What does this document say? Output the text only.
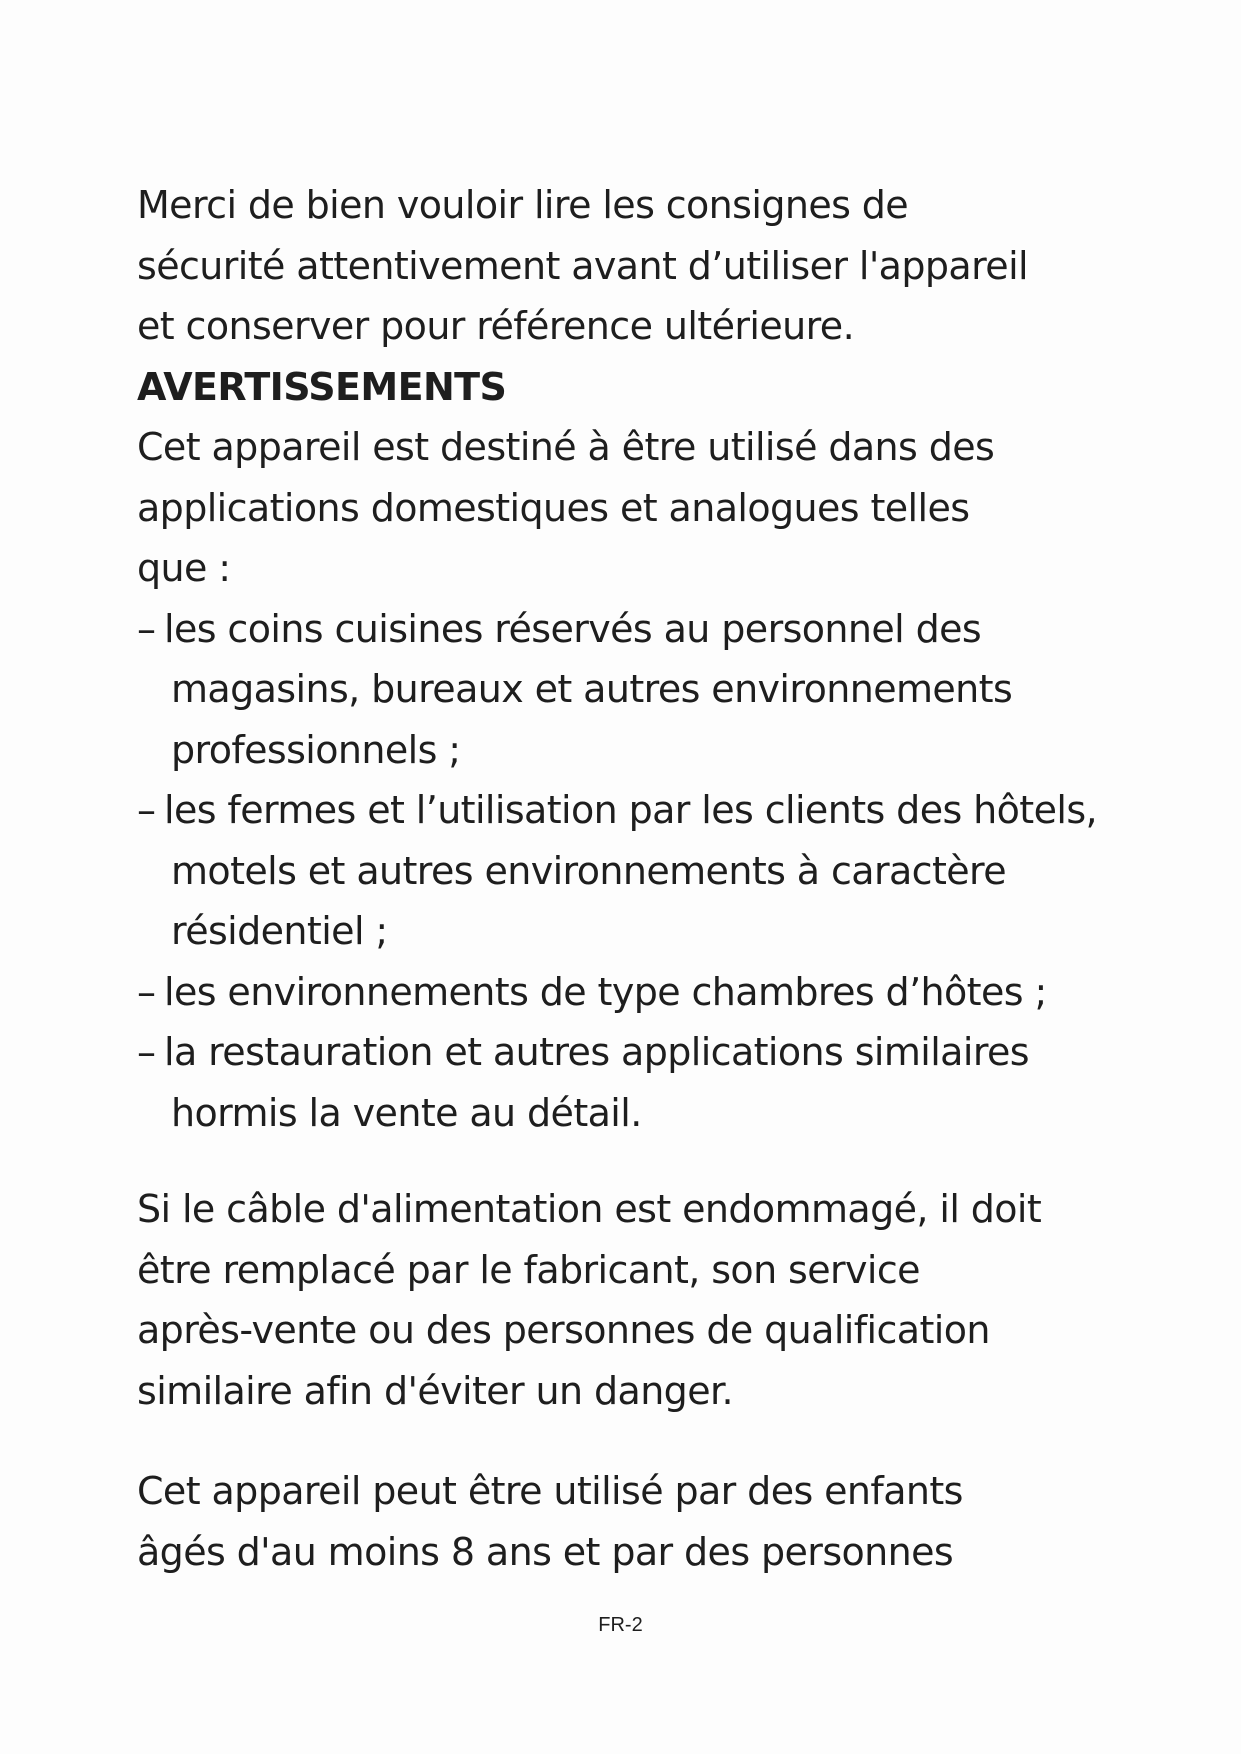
Merci de bien vouloir lire les consignes de
sécurité attentivement avant d’utiliser l'appareil
et conserver pour référence ultérieure.

AVERTISSEMENTS

Cet appareil est destiné à être utilisé dans des
applications domestiques et analogues telles
que :

– les coins cuisines réservés au personnel des magasins, bureaux et autres environnements professionnels ;
– les fermes et l’utilisation par les clients des hôtels, motels et autres environnements à caractère résidentiel ;
– les environnements de type chambres d’hôtes ;
– la restauration et autres applications similaires hormis la vente au détail.

Si le câble d'alimentation est endommagé, il doit
être remplacé par le fabricant, son service
après-vente ou des personnes de qualification
similaire afin d'éviter un danger.

Cet appareil peut être utilisé par des enfants
âgés d'au moins 8 ans et par des personnes

FR-2
